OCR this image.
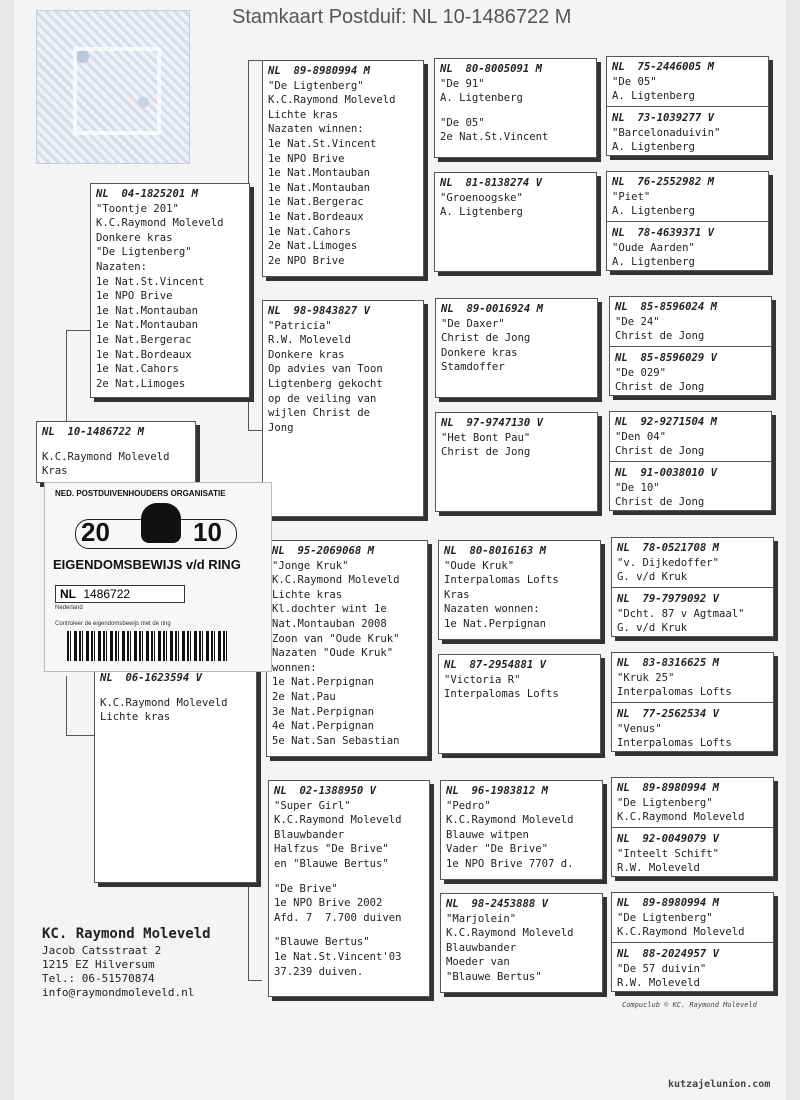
Stamkaart Postduif: NL 10-1486722 M
NL  10-1486722 M
K.C.Raymond Moleveld
Kras
NL  04-1825201 M
"Toontje 201"
K.C.Raymond Moleveld
Donkere kras
"De Ligtenberg"
Nazaten:
1e Nat.St.Vincent
1e NPO Brive
1e Nat.Montauban
1e Nat.Montauban
1e Nat.Bergerac
1e Nat.Bordeaux
1e Nat.Cahors
2e Nat.Limoges
NL  06-1623594 V
K.C.Raymond Moleveld
Lichte kras
NL  89-8980994 M
"De Ligtenberg"
K.C.Raymond Moleveld
Lichte kras
Nazaten winnen:
1e Nat.St.Vincent
1e NPO Brive
1e Nat.Montauban
1e Nat.Montauban
1e Nat.Bergerac
1e Nat.Bordeaux
1e Nat.Cahors
2e Nat.Limoges
2e NPO Brive
NL  98-9843827 V
"Patricia"
R.W. Moleveld
Donkere kras
Op advies van Toon
Ligtenberg gekocht
op de veiling van
wijlen Christ de
Jong
NL  95-2069068 M
"Jonge Kruk"
K.C.Raymond Moleveld
Lichte kras
Kl.dochter wint 1e
Nat.Montauban 2008
Zoon van "Oude Kruk"
Nazaten "Oude Kruk"
wonnen:
1e Nat.Perpignan
2e Nat.Pau
3e Nat.Perpignan
4e Nat.Perpignan
5e Nat.San Sebastian
NL  02-1388950 V
"Super Girl"
K.C.Raymond Moleveld
Blauwbander
Halfzus "De Brive"
en "Blauwe Bertus"
"De Brive"
1e NPO Brive 2002
Afd. 7  7.700 duiven
"Blauwe Bertus"
1e Nat.St.Vincent'03
37.239 duiven.
NL  80-8005091 M
"De 91"
A. Ligtenberg
"De 05"
2e Nat.St.Vincent
NL  81-8138274 V
"Groenoogske"
A. Ligtenberg
NL  89-0016924 M
"De Daxer"
Christ de Jong
Donkere kras
Stamdoffer
NL  97-9747130 V
"Het Bont Pau"
Christ de Jong
NL  80-8016163 M
"Oude Kruk"
Interpalomas Lofts
Kras
Nazaten wonnen:
1e Nat.Perpignan
NL  87-2954881 V
"Victoria R"
Interpalomas Lofts
NL  96-1983812 M
"Pedro"
K.C.Raymond Moleveld
Blauwe witpen
Vader "De Brive"
1e NPO Brive 7707 d.
NL  98-2453888 V
"Marjolein"
K.C.Raymond Moleveld
Blauwbander
Moeder van
"Blauwe Bertus"
NL  75-2446005 M
"De 05"
A. Ligtenberg
NL  73-1039277 V
"Barcelonaduivin"
A. Ligtenberg
NL  76-2552982 M
"Piet"
A. Ligtenberg
NL  78-4639371 V
"Oude Aarden"
A. Ligtenberg
NL  85-8596024 M
"De 24"
Christ de Jong
NL  85-8596029 V
"De 029"
Christ de Jong
NL  92-9271504 M
"Den 04"
Christ de Jong
NL  91-0038010 V
"De 10"
Christ de Jong
NL  78-0521708 M
"v. Dijkedoffer"
G. v/d Kruk
NL  79-7979092 V
"Dcht. 87 v Agtmaal"
G. v/d Kruk
NL  83-8316625 M
"Kruk 25"
Interpalomas Lofts
NL  77-2562534 V
"Venus"
Interpalomas Lofts
NL  89-8980994 M
"De Ligtenberg"
K.C.Raymond Moleveld
NL  92-0049079 V
"Inteelt Schift"
R.W. Moleveld
NL  89-8980994 M
"De Ligtenberg"
K.C.Raymond Moleveld
NL  88-2024957 V
"De 57 duivin"
R.W. Moleveld
NED. POSTDUIVENHOUDERS ORGANISATIE
20	10
EIGENDOMSBEWIJS v/d RING
NL 1486722
Nederland
Controleer de eigendomsbewijs met de ring
KC. Raymond Moleveld
Jacob Catsstraat 2
1215 EZ Hilversum
Tel.: 06-51570874
info@raymondmoleveld.nl
Compuclub © KC. Raymond Moleveld
kutzajelunion.com
